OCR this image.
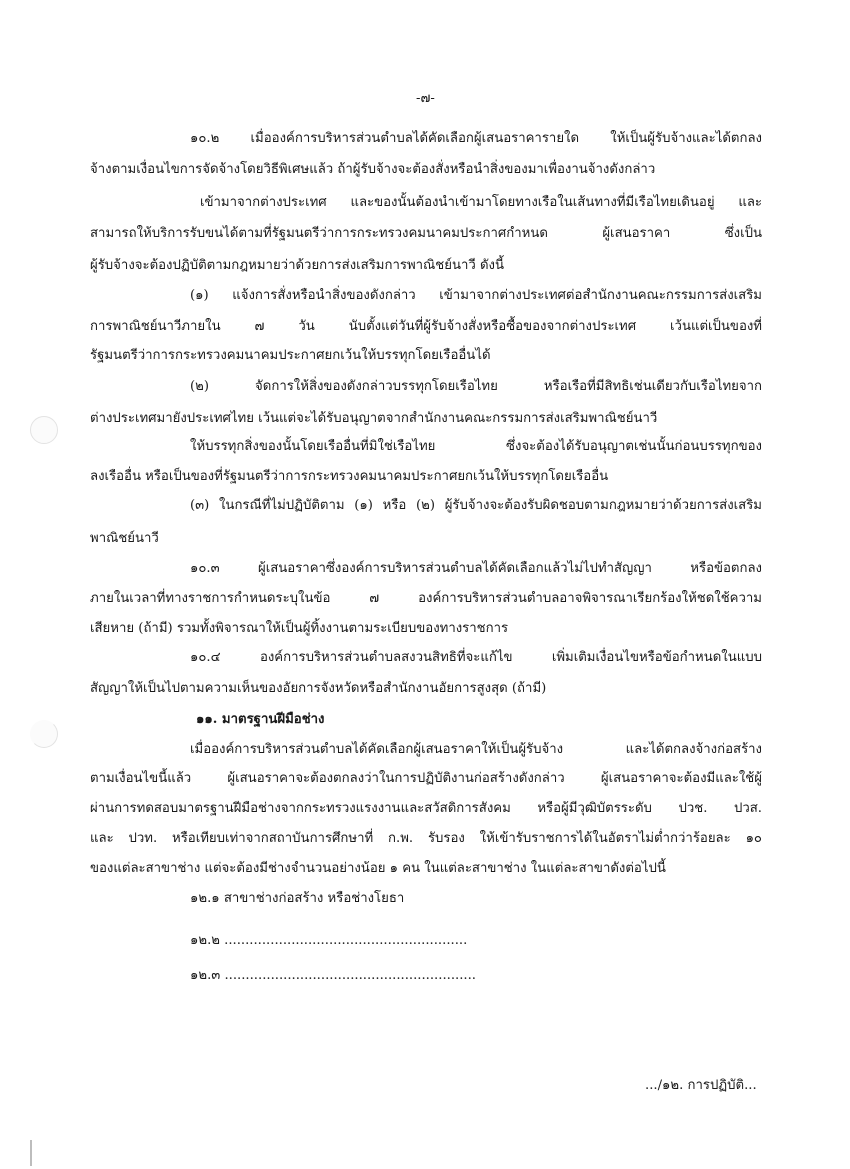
-๗-
๑๐.๒ เมื่อองค์การบริหารส่วนตำบลได้คัดเลือกผู้เสนอราคารายใด ให้เป็นผู้รับจ้างและได้ตกลง
จ้างตามเงื่อนไขการจัดจ้างโดยวิธีพิเศษแล้ว ถ้าผู้รับจ้างจะต้องสั่งหรือนำสิ่งของมาเพื่องานจ้างดังกล่าว
เข้ามาจากต่างประเทศ และของนั้นต้องนำเข้ามาโดยทางเรือในเส้นทางที่มีเรือไทยเดินอยู่ และ
สามารถให้บริการรับขนได้ตามที่รัฐมนตรีว่าการกระทรวงคมนาคมประกาศกำหนด ผู้เสนอราคา ซึ่งเป็น
ผู้รับจ้างจะต้องปฏิบัติตามกฎหมายว่าด้วยการส่งเสริมการพาณิชย์นาวี ดังนี้
(๑) แจ้งการสั่งหรือนำสิ่งของดังกล่าว เข้ามาจากต่างประเทศต่อสำนักงานคณะกรรมการส่งเสริม
การพาณิชย์นาวีภายใน ๗ วัน นับตั้งแต่วันที่ผู้รับจ้างสั่งหรือซื้อของจากต่างประเทศ เว้นแต่เป็นของที่
รัฐมนตรีว่าการกระทรวงคมนาคมประกาศยกเว้นให้บรรทุกโดยเรืออื่นได้
(๒) จัดการให้สิ่งของดังกล่าวบรรทุกโดยเรือไทย หรือเรือที่มีสิทธิเช่นเดียวกับเรือไทยจาก
ต่างประเทศมายังประเทศไทย เว้นแต่จะได้รับอนุญาตจากสำนักงานคณะกรรมการส่งเสริมพาณิชย์นาวี
ให้บรรทุกสิ่งของนั้นโดยเรืออื่นที่มิใช่เรือไทย ซึ่งจะต้องได้รับอนุญาตเช่นนั้นก่อนบรรทุกของ
ลงเรืออื่น หรือเป็นของที่รัฐมนตรีว่าการกระทรวงคมนาคมประกาศยกเว้นให้บรรทุกโดยเรืออื่น
(๓) ในกรณีที่ไม่ปฏิบัติตาม (๑) หรือ (๒) ผู้รับจ้างจะต้องรับผิดชอบตามกฎหมายว่าด้วยการส่งเสริม
พาณิชย์นาวี
๑๐.๓ ผู้เสนอราคาซึ่งองค์การบริหารส่วนตำบลได้คัดเลือกแล้วไม่ไปทำสัญญา หรือข้อตกลง
ภายในเวลาที่ทางราชการกำหนดระบุในข้อ ๗ องค์การบริหารส่วนตำบลอาจพิจารณาเรียกร้องให้ชดใช้ความ
เสียหาย (ถ้ามี) รวมทั้งพิจารณาให้เป็นผู้ทิ้งงานตามระเบียบของทางราชการ
๑๐.๔ องค์การบริหารส่วนตำบลสงวนสิทธิที่จะแก้ไข เพิ่มเติมเงื่อนไขหรือข้อกำหนดในแบบ
สัญญาให้เป็นไปตามความเห็นของอัยการจังหวัดหรือสำนักงานอัยการสูงสุด (ถ้ามี)
๑๑. มาตรฐานฝีมือช่าง
เมื่อองค์การบริหารส่วนตำบลได้คัดเลือกผู้เสนอราคาให้เป็นผู้รับจ้าง และได้ตกลงจ้างก่อสร้าง
ตามเงื่อนไขนี้แล้ว ผู้เสนอราคาจะต้องตกลงว่าในการปฏิบัติงานก่อสร้างดังกล่าว ผู้เสนอราคาจะต้องมีและใช้ผู้
ผ่านการทดสอบมาตรฐานฝีมือช่างจากกระทรวงแรงงานและสวัสดิการสังคม หรือผู้มีวุฒิบัตรระดับ ปวช. ปวส.
และ ปวท. หรือเทียบเท่าจากสถาบันการศึกษาที่ ก.พ. รับรอง ให้เข้ารับราชการได้ในอัตราไม่ต่ำกว่าร้อยละ ๑๐
ของแต่ละสาขาช่าง แต่จะต้องมีช่างจำนวนอย่างน้อย ๑ คน ในแต่ละสาขาช่าง ในแต่ละสาขาดังต่อไปนี้
๑๒.๑ สาขาช่างก่อสร้าง หรือช่างโยธา
๑๒.๒ ..........................................................
๑๒.๓ ............................................................
.../๑๒. การปฏิบัติ...
